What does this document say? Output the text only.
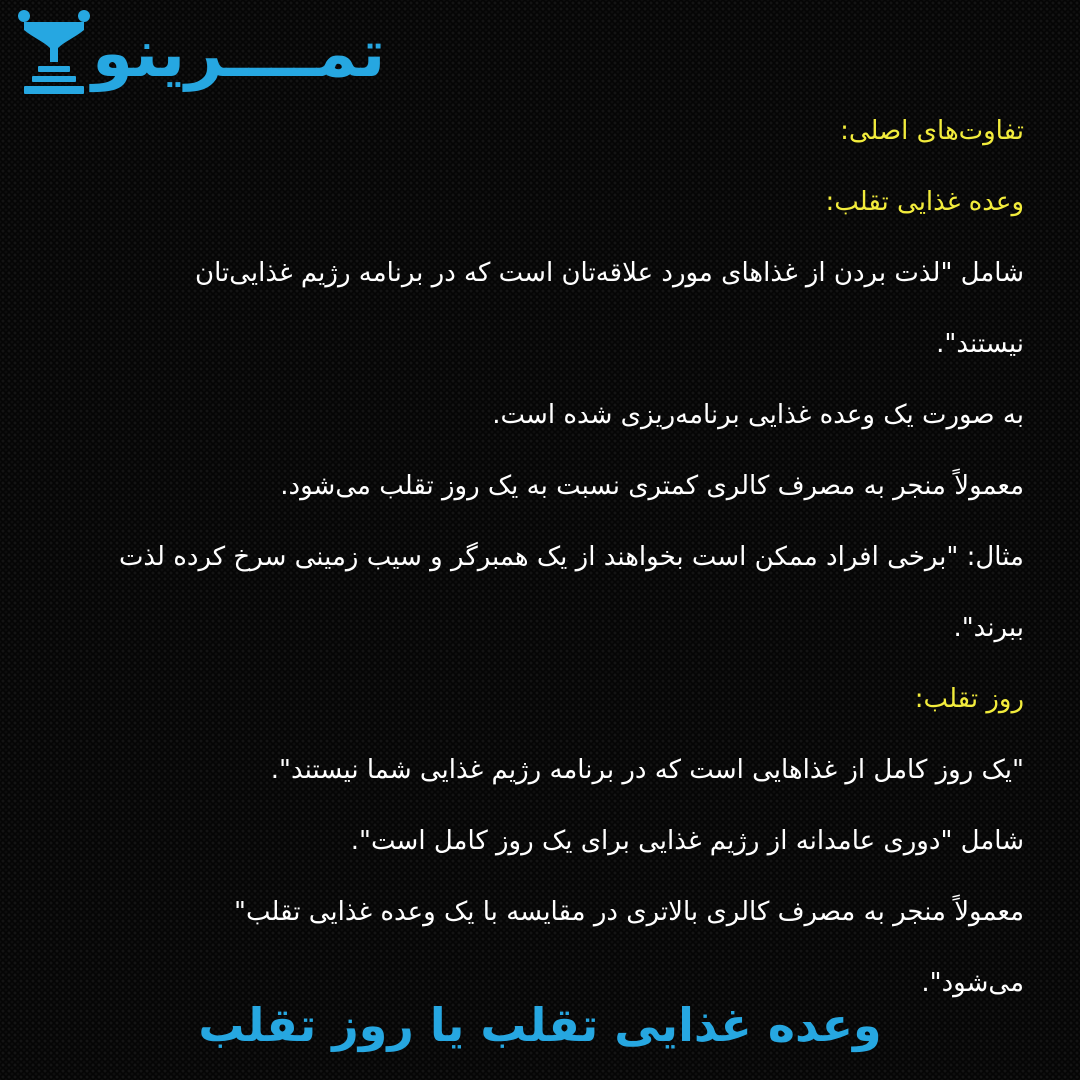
تمــــرینو
تفاوت‌های اصلی:
وعده غذایی تقلب:
شامل "لذت بردن از غذاهای مورد علاقه‌تان است که در برنامه رژیم غذایی‌تان
نیستند".
به صورت یک وعده غذایی برنامه‌ریزی شده است.
معمولاً منجر به مصرف کالری کمتری نسبت به یک روز تقلب می‌شود.
مثال: "برخی افراد ممکن است بخواهند از یک همبرگر و سیب زمینی سرخ کرده لذت
ببرند".
روز تقلب:
"یک روز کامل از غذاهایی است که در برنامه رژیم غذایی شما نیستند".
شامل "دوری عامدانه از رژیم غذایی برای یک روز کامل است".
معمولاً منجر به مصرف کالری بالاتری در مقایسه با یک وعده غذایی تقلب"
می‌شود".
وعده غذایی تقلب یا روز تقلب
